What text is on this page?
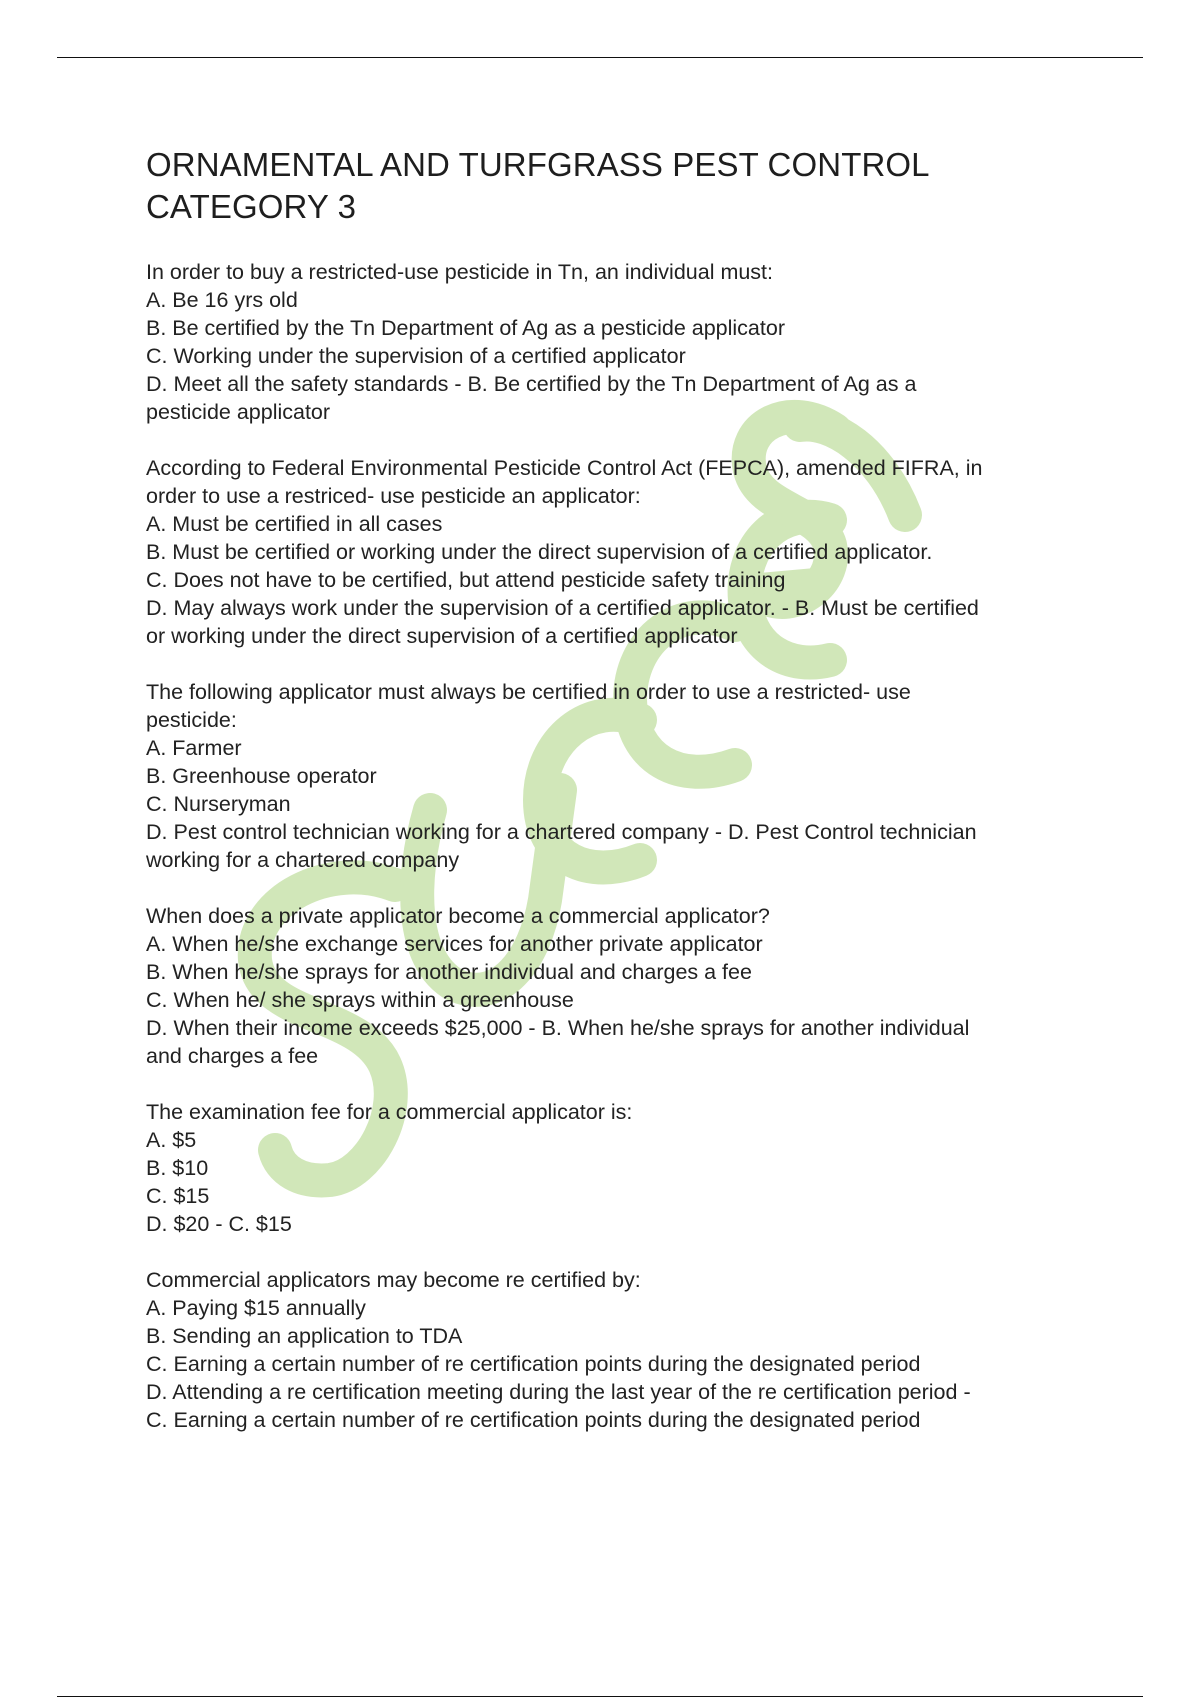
ORNAMENTAL AND TURFGRASS PEST CONTROL
CATEGORY 3
In order to buy a restricted-use pesticide in Tn, an individual must:
A. Be 16 yrs old
B. Be certified by the Tn Department of Ag as a pesticide applicator
C. Working under the supervision of a certified applicator
D. Meet all the safety standards - B. Be certified by the Tn Department of Ag as a
pesticide applicator
According to Federal Environmental Pesticide Control Act (FEPCA), amended FIFRA, in
order to use a restriced- use pesticide an applicator:
A. Must be certified in all cases
B. Must be certified or working under the direct supervision of a certified applicator.
C. Does not have to be certified, but attend pesticide safety training
D. May always work under the supervision of a certified applicator. - B. Must be certified
or working under the direct supervision of a certified applicator
The following applicator must always be certified in order to use a restricted- use
pesticide:
A. Farmer
B. Greenhouse operator
C. Nurseryman
D. Pest control technician working for a chartered company - D. Pest Control technician
working for a chartered company
When does a private applicator become a commercial applicator?
A. When he/she exchange services for another private applicator
B. When he/she sprays for another individual and charges a fee
C. When he/ she sprays within a greenhouse
D. When their income exceeds $25,000 - B. When he/she sprays for another individual
and charges a fee
The examination fee for a commercial applicator is:
A. $5
B. $10
C. $15
D. $20 - C. $15
Commercial applicators may become re certified by:
A. Paying $15 annually
B. Sending an application to TDA
C. Earning a certain number of re certification points during the designated period
D. Attending a re certification meeting during the last year of the re certification period -
C. Earning a certain number of re certification points during the designated period
